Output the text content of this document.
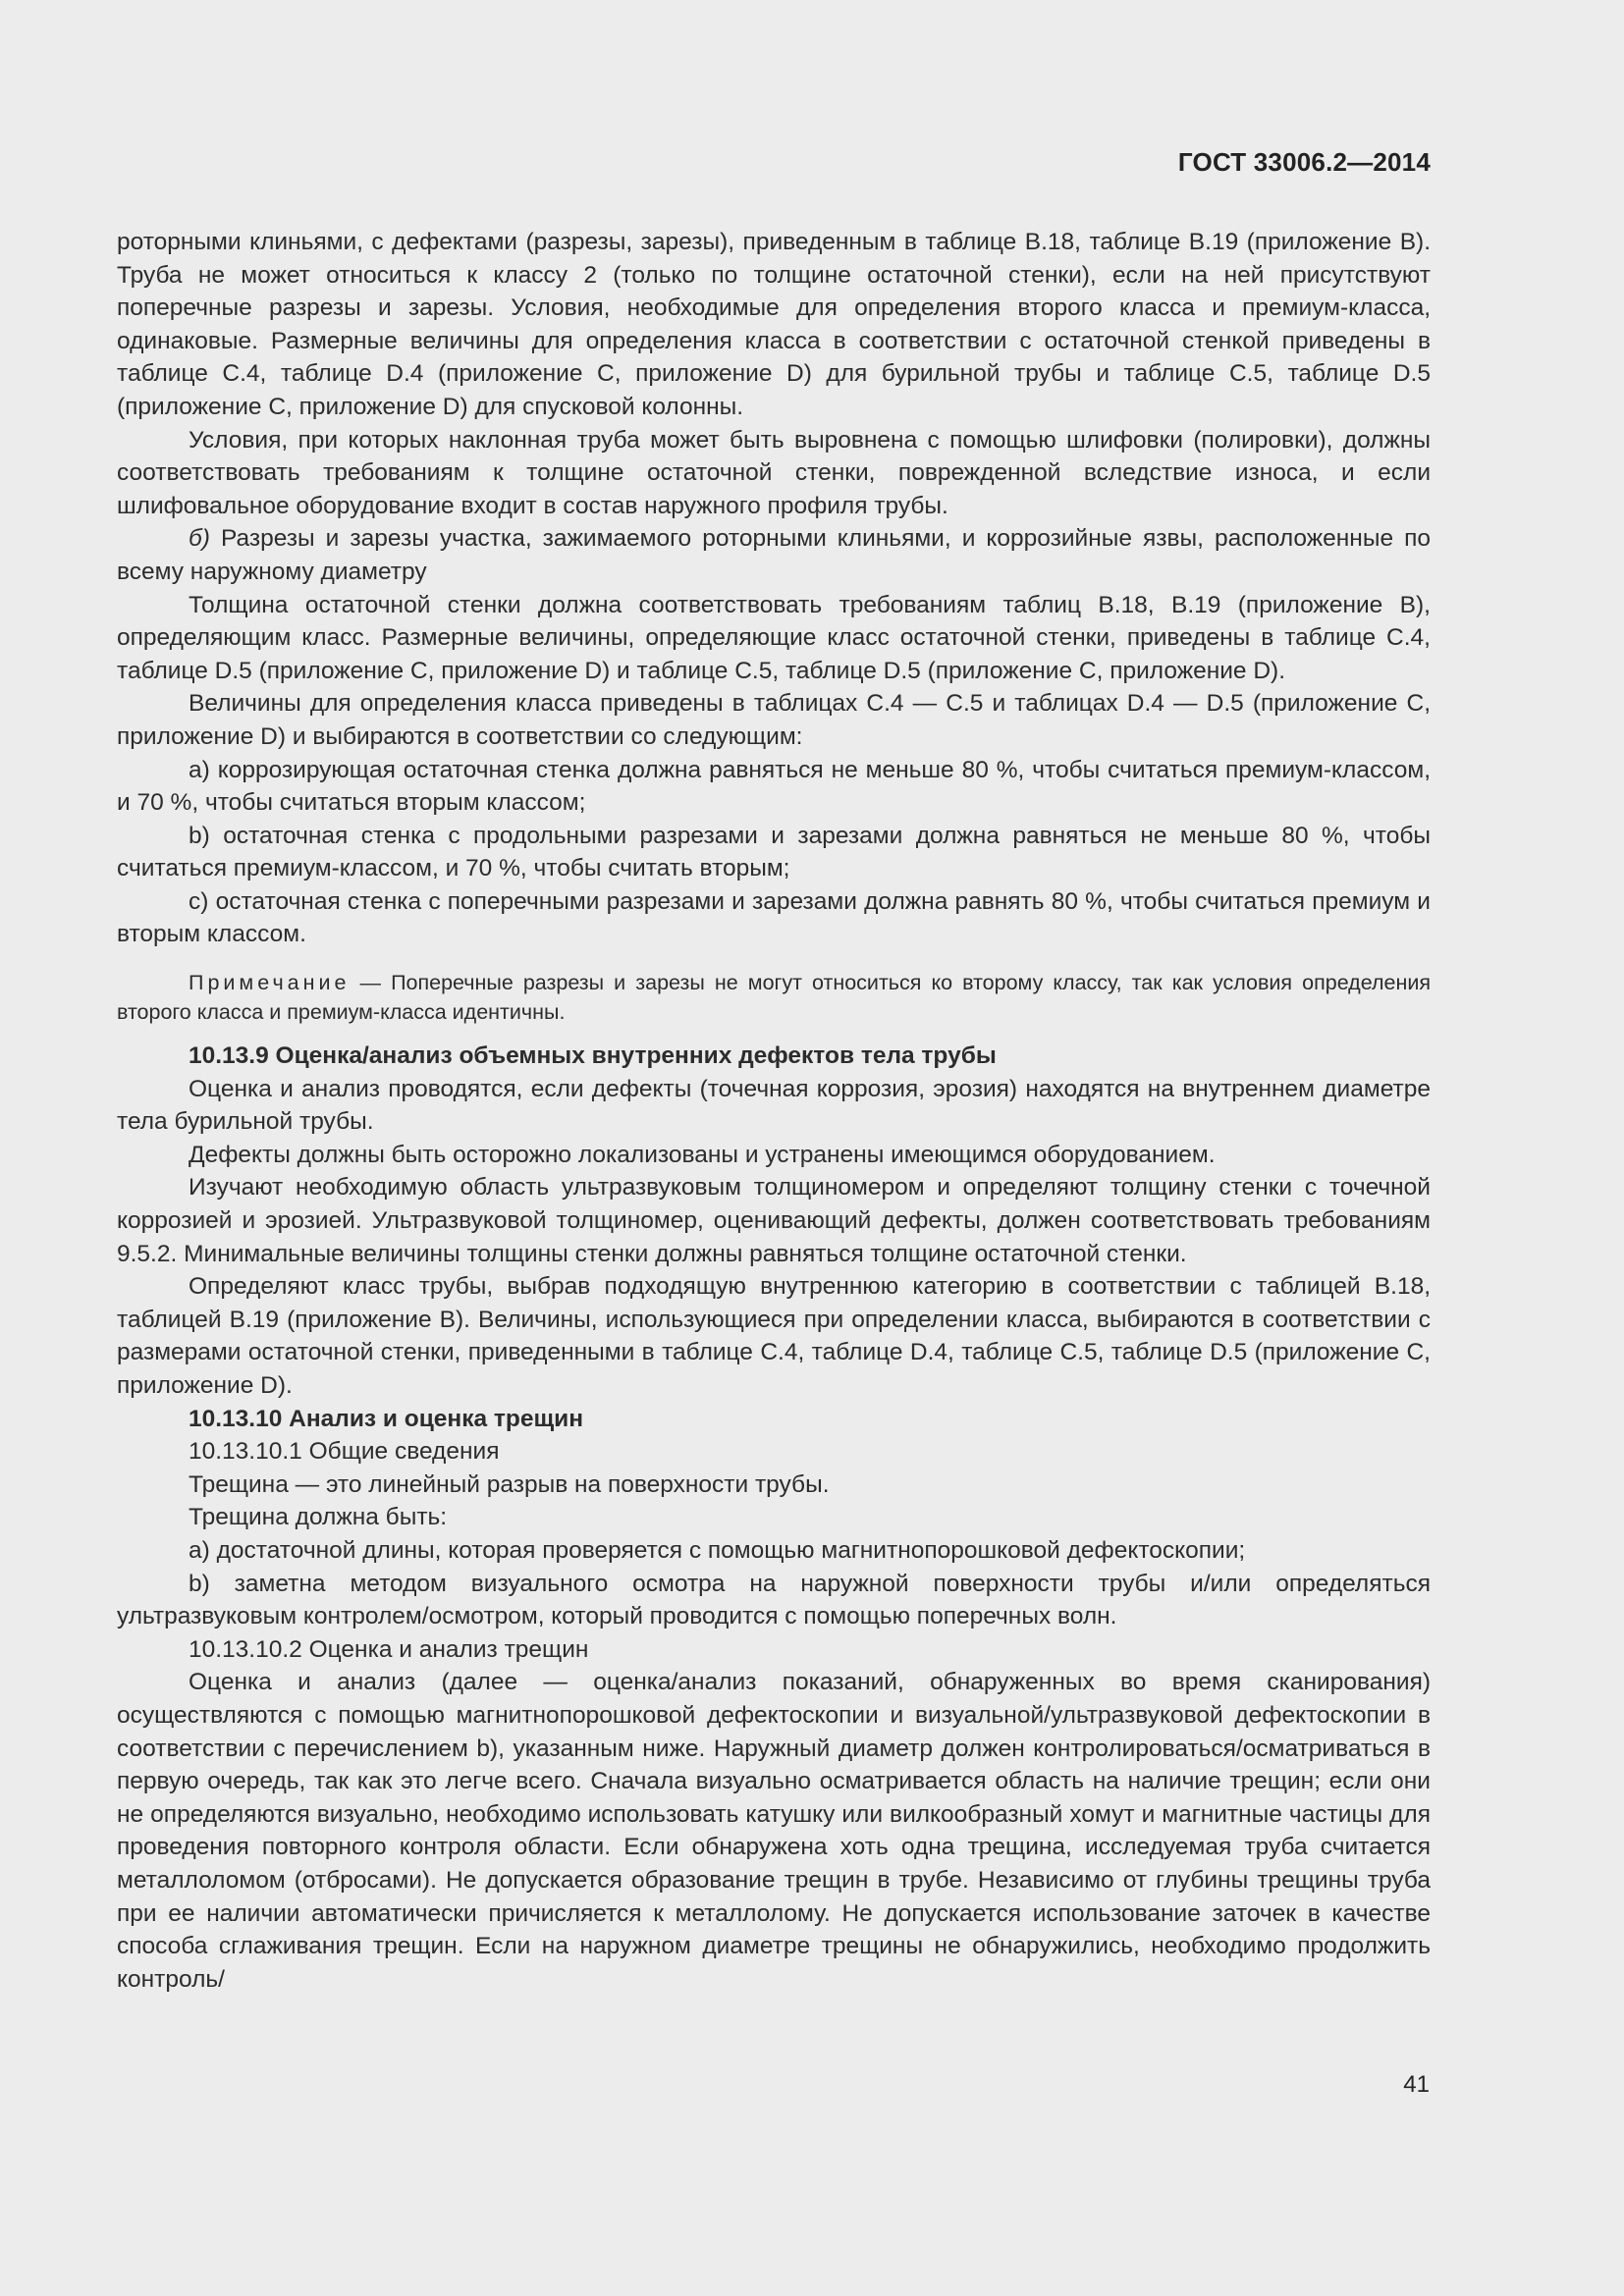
ГОСТ 33006.2—2014

роторными клиньями, с дефектами (разрезы, зарезы), приведенным в таблице В.18, таблице В.19 (приложение В). Труба не может относиться к классу 2 (только по толщине остаточной стенки), если на ней присутствуют поперечные разрезы и зарезы. Условия, необходимые для определения второго класса и премиум-класса, одинаковые. Размерные величины для определения класса в соответствии с остаточной стенкой приведены в таблице С.4, таблице D.4 (приложение С, приложение D) для бурильной трубы и таблице С.5, таблице D.5 (приложение С, приложение D) для спусковой колонны.

Условия, при которых наклонная труба может быть выровнена с помощью шлифовки (полировки), должны соответствовать требованиям к толщине остаточной стенки, поврежденной вследствие износа, и если шлифовальное оборудование входит в состав наружного профиля трубы.

б) Разрезы и зарезы участка, зажимаемого роторными клиньями, и коррозийные язвы, расположенные по всему наружному диаметру

Толщина остаточной стенки должна соответствовать требованиям таблиц В.18, В.19 (приложение В), определяющим класс. Размерные величины, определяющие класс остаточной стенки, приведены в таблице С.4, таблице D.5 (приложение С, приложение D) и таблице С.5, таблице D.5 (приложение С, приложение D).

Величины для определения класса приведены в таблицах С.4 — С.5 и таблицах D.4 — D.5 (приложение С, приложение D) и выбираются в соответствии со следующим:

а) коррозирующая остаточная стенка должна равняться не меньше 80 %, чтобы считаться премиум-классом, и 70 %, чтобы считаться вторым классом;

b) остаточная стенка с продольными разрезами и зарезами должна равняться не меньше 80 %, чтобы считаться премиум-классом, и 70 %, чтобы считать вторым;

c) остаточная стенка с поперечными разрезами и зарезами должна равнять 80 %, чтобы считаться премиум и вторым классом.

Примечание — Поперечные разрезы и зарезы не могут относиться ко второму классу, так как условия определения второго класса и премиум-класса идентичны.

10.13.9 Оценка/анализ объемных внутренних дефектов тела трубы

Оценка и анализ проводятся, если дефекты (точечная коррозия, эрозия) находятся на внутреннем диаметре тела бурильной трубы.

Дефекты должны быть осторожно локализованы и устранены имеющимся оборудованием.

Изучают необходимую область ультразвуковым толщиномером и определяют толщину стенки с точечной коррозией и эрозией. Ультразвуковой толщиномер, оценивающий дефекты, должен соответствовать требованиям 9.5.2. Минимальные величины толщины стенки должны равняться толщине остаточной стенки.

Определяют класс трубы, выбрав подходящую внутреннюю категорию в соответствии с таблицей В.18, таблицей В.19 (приложение В). Величины, использующиеся при определении класса, выбираются в соответствии с размерами остаточной стенки, приведенными в таблице С.4, таблице D.4, таблице С.5, таблице D.5 (приложение С, приложение D).

10.13.10 Анализ и оценка трещин

10.13.10.1 Общие сведения

Трещина — это линейный разрыв на поверхности трубы.

Трещина должна быть:

а) достаточной длины, которая проверяется с помощью магнитнопорошковой дефектоскопии;

b) заметна методом визуального осмотра на наружной поверхности трубы и/или определяться ультразвуковым контролем/осмотром, который проводится с помощью поперечных волн.

10.13.10.2 Оценка и анализ трещин

Оценка и анализ (далее — оценка/анализ показаний, обнаруженных во время сканирования) осуществляются с помощью магнитнопорошковой дефектоскопии и визуальной/ультразвуковой дефектоскопии в соответствии с перечислением b), указанным ниже. Наружный диаметр должен контролироваться/осматриваться в первую очередь, так как это легче всего. Сначала визуально осматривается область на наличие трещин; если они не определяются визуально, необходимо использовать катушку или вилкообразный хомут и магнитные частицы для проведения повторного контроля области. Если обнаружена хоть одна трещина, исследуемая труба считается металлоломом (отбросами). Не допускается образование трещин в трубе. Независимо от глубины трещины труба при ее наличии автоматически причисляется к металлолому. Не допускается использование заточек в качестве способа сглаживания трещин. Если на наружном диаметре трещины не обнаружились, необходимо продолжить контроль/

41
